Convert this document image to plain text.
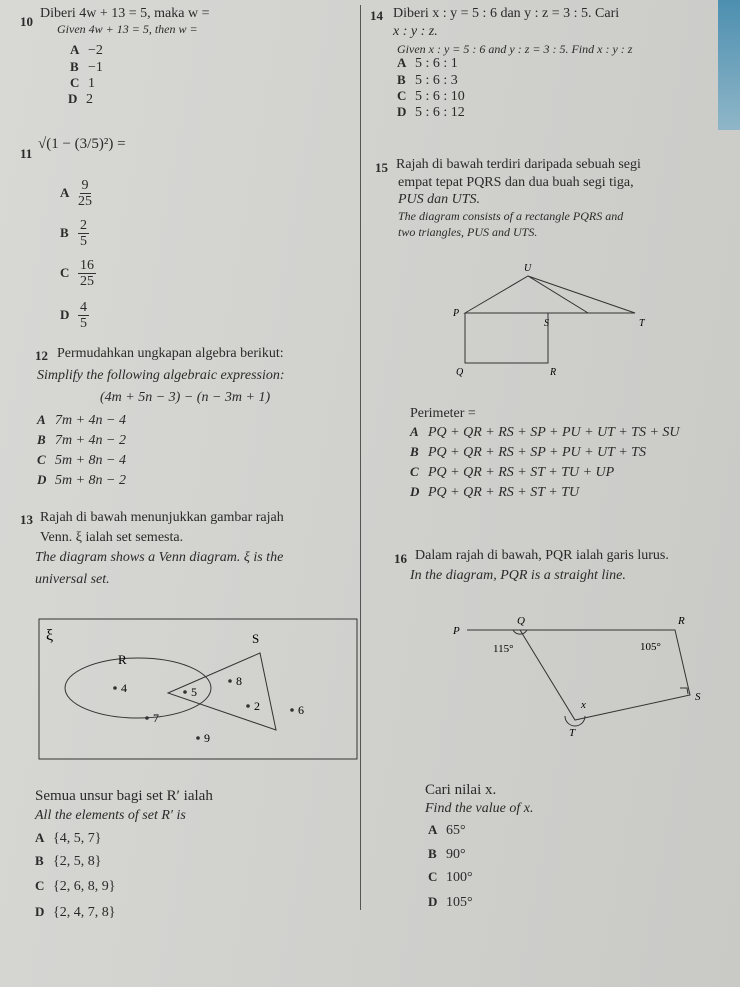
10
Diberi 4w + 13 = 5, maka w =
Given 4w + 13 = 5, then w =
A −2
B −1
C 1
D 2
11
√(1 − (3/5)²) =
A $\frac{9}{25}$
B $\frac{2}{5}$
C $\frac{16}{25}$
D $\frac{4}{5}$
12 Permudahkan ungkapan algebra berikut:
Simplify the following algebraic expression:
(4m + 5n − 3) − (n − 3m + 1)
A 7m + 4n − 4
B 7m + 4n − 2
C 5m + 8n − 4
D 5m + 8n − 2
13 Rajah di bawah menunjukkan gambar rajah
Venn. ξ ialah set semesta.
The diagram shows a Venn diagram. ξ is the
universal set.
ξ	S
R
4	5
8
7
2	6
9
Semua unsur bagi set R′ ialah
All the elements of set R′ is
A {4, 5, 7}
B {2, 5, 8}
C {2, 6, 8, 9}
D {2, 4, 7, 8}
14 Diberi x : y = 5 : 6 dan y : z = 3 : 5. Cari
x : y : z.
Given x : y = 5 : 6 and y : z = 3 : 5. Find x : y : z
A 5 : 6 : 1
B 5 : 6 : 3
C 5 : 6 : 10
D 5 : 6 : 12
15 Rajah di bawah terdiri daripada sebuah segi
empat tepat PQRS dan dua buah segi tiga,
PUS dan UTS.
The diagram consists of a rectangle PQRS and
two triangles, PUS and UTS.
U
P
S	T
Q	R
Perimeter =
A PQ + QR + RS + SP + PU + UT + TS + SU
B PQ + QR + RS + SP + PU + UT + TS
C PQ + QR + RS + ST + TU + UP
D PQ + QR + RS + ST + TU
16 Dalam rajah di bawah, PQR ialah garis lurus.
In the diagram, PQR is a straight line.
P
Q	R
S
T
x
115°	105°
Cari nilai x.
Find the value of x.
A 65°
B 90°
C 100°
D 105°
